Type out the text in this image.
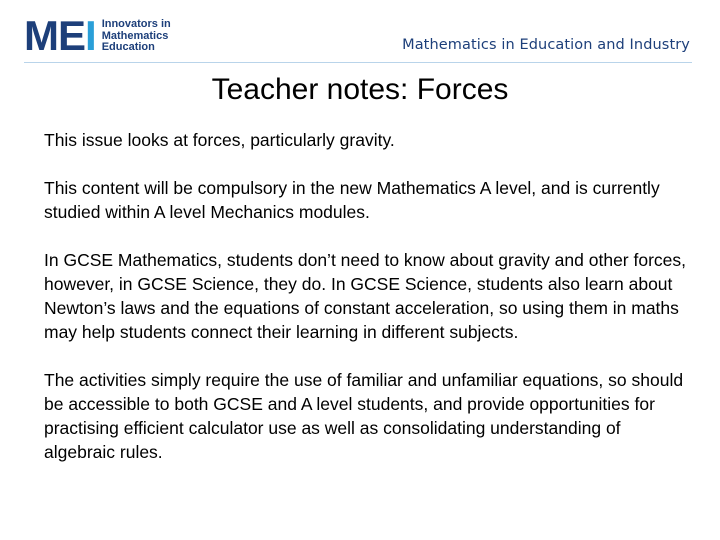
MEI Innovators in
Mathematics
Education	Mathematics in Education and Industry
Teacher notes: Forces

This issue looks at forces, particularly gravity.

This content will be compulsory in the new Mathematics A level, and is currently studied within A level Mechanics modules.

In GCSE Mathematics, students don’t need to know about gravity and other forces, however, in GCSE Science, they do. In GCSE Science, students also learn about Newton’s laws and the equations of constant acceleration, so using them in maths may help students connect their learning in different subjects.

The activities simply require the use of familiar and unfamiliar equations, so should be accessible to both GCSE and A level students, and provide opportunities for practising efficient calculator use as well as consolidating understanding of algebraic rules.
